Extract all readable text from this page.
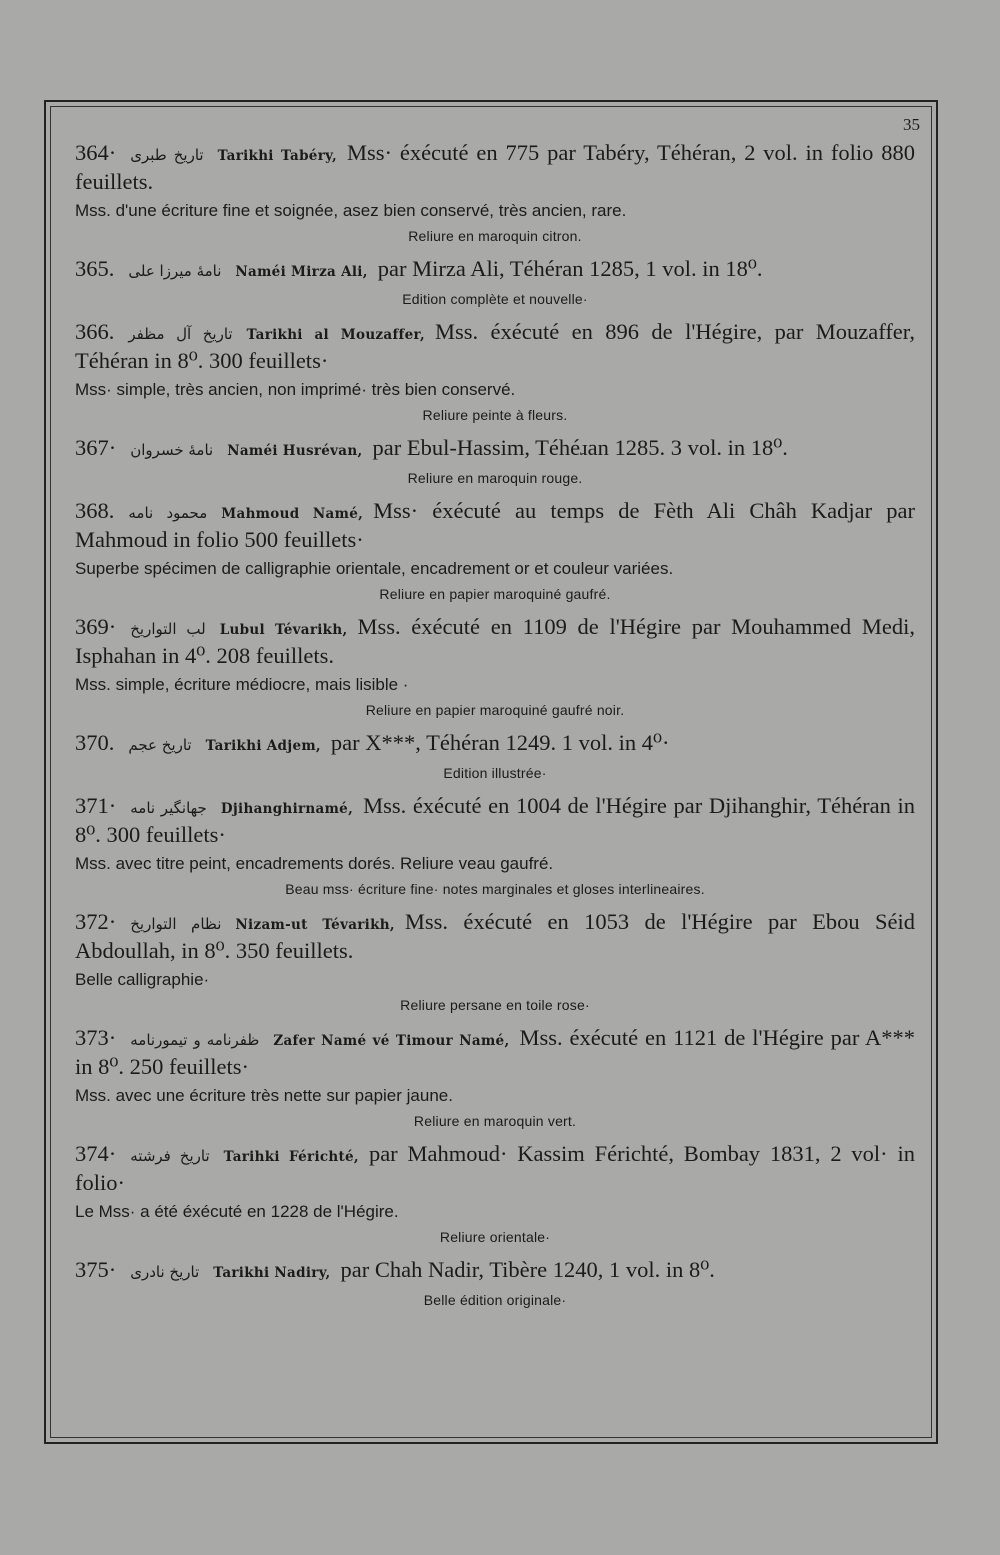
35
364· تاریخ طبری Tarikhi Tabéry, Mss· éxécuté en 775 par Tabéry, Téhéran, 2 vol. in folio 880 feuillets.
Mss. d'une écriture fine et soignée, asez bien conservé, très ancien, rare.
Reliure en maroquin citron.
365. نامهٔ میرزا علی Naméi Mirza Ali, par Mirza Ali, Téhéran 1285, 1 vol. in 18⁰.
Edition complète et nouvelle·
366. تاریخ آل مظفر Tarikhi al Mouzaffer, Mss. éxécuté en 896 de l'Hégire, par Mouzaffer, Téhéran in 8⁰. 300 feuillets·
Mss· simple, très ancien, non imprimé· très bien conservé.
Reliure peinte à fleurs.
367· نامهٔ خسروان Naméi Husrévan, par Ebul-Hassim, Téhéɹan 1285. 3 vol. in 18⁰.
Reliure en maroquin rouge.
368. محمود نامه Mahmoud Namé, Mss· éxécuté au temps de Fèth Ali Châh Kadjar par Mahmoud in folio 500 feuillets·
Superbe spécimen de calligraphie orientale, encadrement or et couleur variées.
Reliure en papier maroquiné gaufré.
369· لب التواریخ Lubul Tévarikh, Mss. éxécuté en 1109 de l'Hégire par Mouhammed Medi, Isphahan in 4⁰. 208 feuillets.
Mss. simple, écriture médiocre, mais lisible ·
Reliure en papier maroquiné gaufré noir.
370. تاریخ عجم Tarikhi Adjem, par X***, Téhéran 1249. 1 vol. in 4⁰·
Edition illustrée·
371· جهانگیر نامه Djihanghirnamé, Mss. éxécuté en 1004 de l'Hégire par Djihanghir, Téhéran in 8⁰. 300 feuillets·
Mss. avec titre peint, encadrements dorés. Reliure veau gaufré.
Beau mss· écriture fine· notes marginales et gloses interlineaires.
372· نظام التواریخ Nizam-ut Tévarikh, Mss. éxécuté en 1053 de l'Hégire par Ebou Séid Abdoullah, in 8⁰. 350 feuillets.
Belle calligraphie·
Reliure persane en toile rose·
373· ظفرنامه و تیمورنامه Zafer Namé vé Timour Namé, Mss. éxécuté en 1121 de l'Hégire par A*** in 8⁰. 250 feuillets·
Mss. avec une écriture très nette sur papier jaune.
Reliure en maroquin vert.
374· تاریخ فرشته Tarihki Férichté, par Mahmoud· Kassim Férichté, Bombay 1831, 2 vol· in folio·
Le Mss· a été éxécuté en 1228 de l'Hégire.
Reliure orientale·
375· تاریخ نادری Tarikhi Nadiry, par Chah Nadir, Tibère 1240, 1 vol. in 8⁰.
Belle édition originale·
